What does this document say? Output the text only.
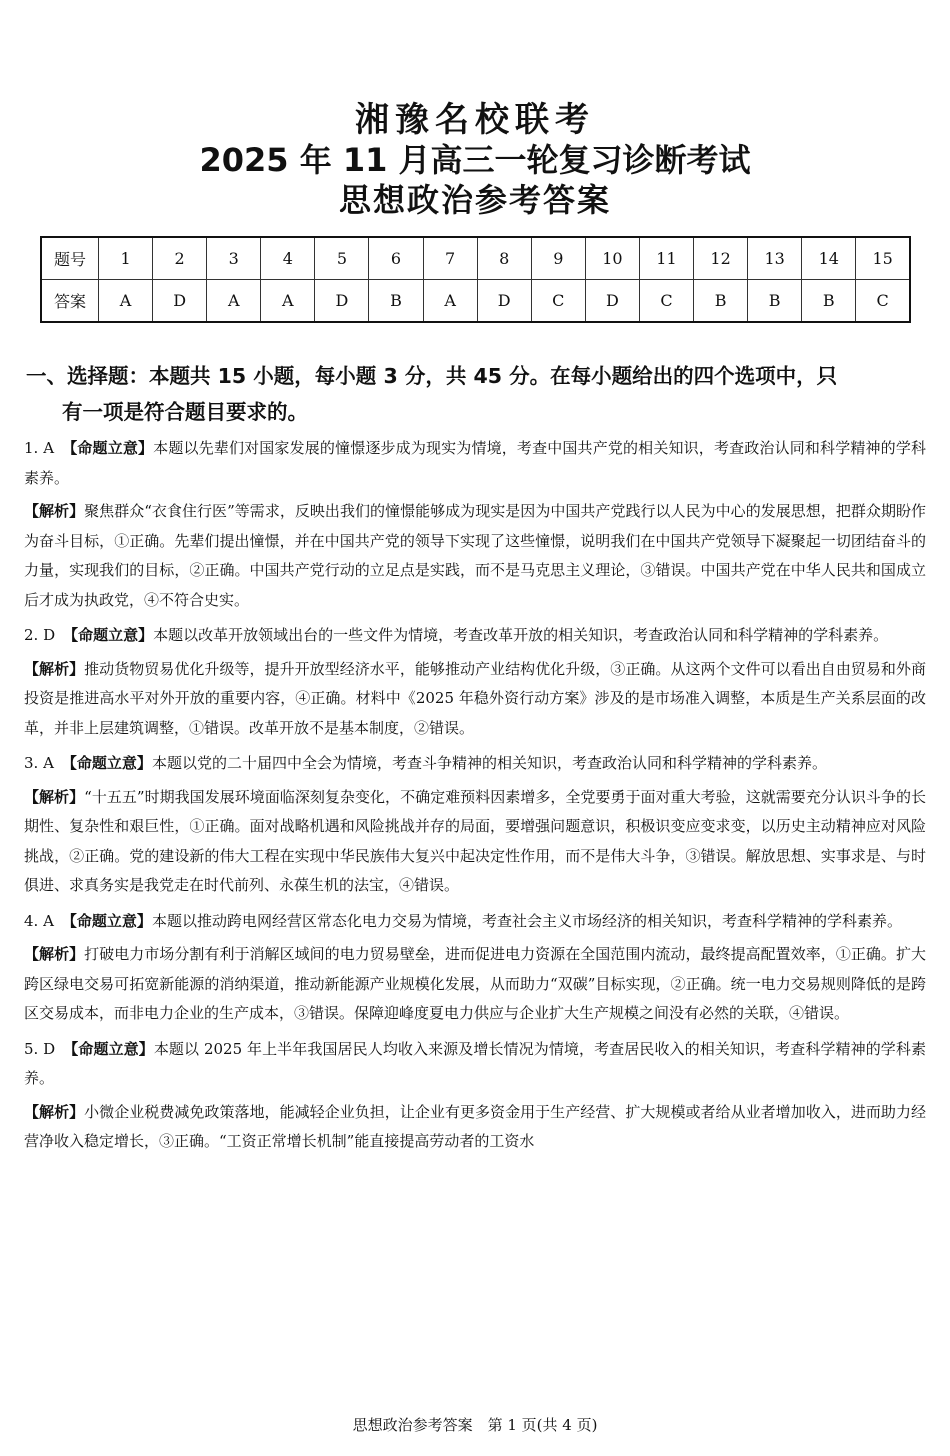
湘豫名校联考
2025 年 11 月高三一轮复习诊断考试
思想政治参考答案
题号	1	2	3	4	5	6	7	8	9	10	11	12	13	14	15
答案	A	D	A	A	D	B	A	D	C	D	C	B	B	B	C
一、选择题：本题共 15 小题，每小题 3 分，共 45 分。在每小题给出的四个选项中，只
有一项是符合题目要求的。

1. A 【命题立意】本题以先辈们对国家发展的憧憬逐步成为现实为情境，考查中国共产党的相关知识，考查政治认同和科学精神的学科素养。

【解析】聚焦群众“衣食住行医”等需求，反映出我们的憧憬能够成为现实是因为中国共产党践行以人民为中心的发展思想，把群众期盼作为奋斗目标，①正确。先辈们提出憧憬，并在中国共产党的领导下实现了这些憧憬，说明我们在中国共产党领导下凝聚起一切团结奋斗的力量，实现我们的目标，②正确。中国共产党行动的立足点是实践，而不是马克思主义理论，③错误。中国共产党在中华人民共和国成立后才成为执政党，④不符合史实。

2. D 【命题立意】本题以改革开放领域出台的一些文件为情境，考查改革开放的相关知识，考查政治认同和科学精神的学科素养。

【解析】推动货物贸易优化升级等，提升开放型经济水平，能够推动产业结构优化升级，③正确。从这两个文件可以看出自由贸易和外商投资是推进高水平对外开放的重要内容，④正确。材料中《2025 年稳外资行动方案》涉及的是市场准入调整，本质是生产关系层面的改革，并非上层建筑调整，①错误。改革开放不是基本制度，②错误。

3. A 【命题立意】本题以党的二十届四中全会为情境，考查斗争精神的相关知识，考查政治认同和科学精神的学科素养。

【解析】“十五五”时期我国发展环境面临深刻复杂变化，不确定难预料因素增多，全党要勇于面对重大考验，这就需要充分认识斗争的长期性、复杂性和艰巨性，①正确。面对战略机遇和风险挑战并存的局面，要增强问题意识，积极识变应变求变，以历史主动精神应对风险挑战，②正确。党的建设新的伟大工程在实现中华民族伟大复兴中起决定性作用，而不是伟大斗争，③错误。解放思想、实事求是、与时俱进、求真务实是我党走在时代前列、永葆生机的法宝，④错误。

4. A 【命题立意】本题以推动跨电网经营区常态化电力交易为情境，考查社会主义市场经济的相关知识，考查科学精神的学科素养。

【解析】打破电力市场分割有利于消解区域间的电力贸易壁垒，进而促进电力资源在全国范围内流动，最终提高配置效率，①正确。扩大跨区绿电交易可拓宽新能源的消纳渠道，推动新能源产业规模化发展，从而助力“双碳”目标实现，②正确。统一电力交易规则降低的是跨区交易成本，而非电力企业的生产成本，③错误。保障迎峰度夏电力供应与企业扩大生产规模之间没有必然的关联，④错误。

5. D 【命题立意】本题以 2025 年上半年我国居民人均收入来源及增长情况为情境，考查居民收入的相关知识，考查科学精神的学科素养。

【解析】小微企业税费减免政策落地，能减轻企业负担，让企业有更多资金用于生产经营、扩大规模或者给从业者增加收入，进而助力经营净收入稳定增长，③正确。“工资正常增长机制”能直接提高劳动者的工资水

思想政治参考答案　第 1 页(共 4 页)
